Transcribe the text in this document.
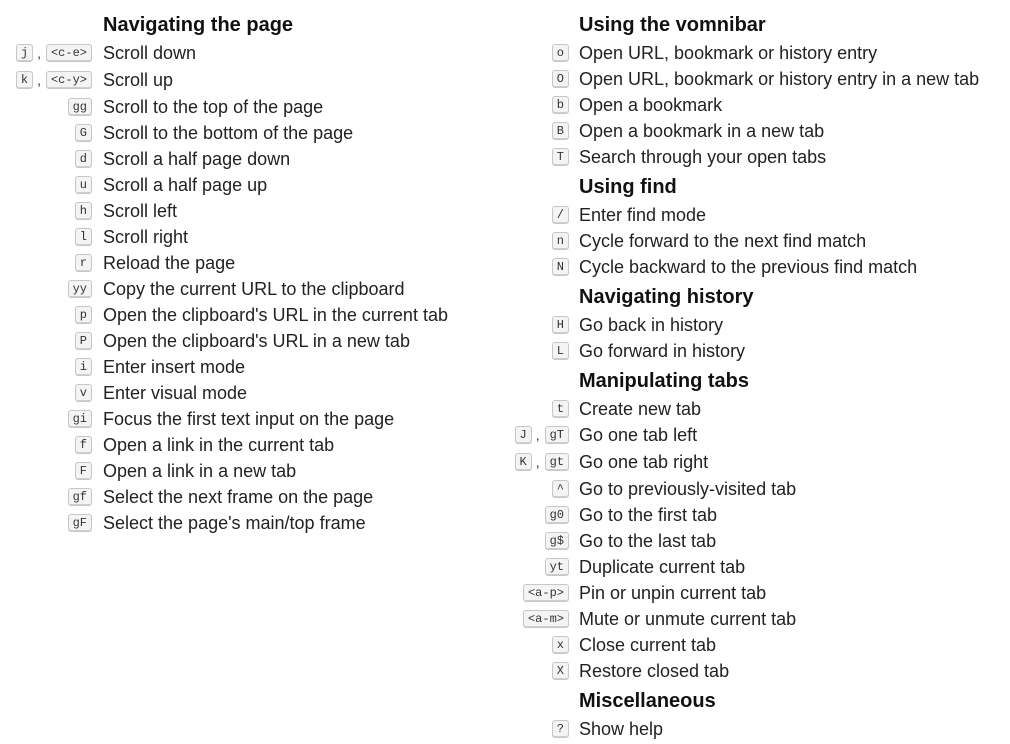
Navigating the page
j , <c-e> Scroll down
k , <c-y> Scroll up
gg Scroll to the top of the page
G Scroll to the bottom of the page
d Scroll a half page down
u Scroll a half page up
h Scroll left
l Scroll right
r Reload the page
yy Copy the current URL to the clipboard
p Open the clipboard's URL in the current tab
P Open the clipboard's URL in a new tab
i Enter insert mode
v Enter visual mode
gi Focus the first text input on the page
f Open a link in the current tab
F Open a link in a new tab
gf Select the next frame on the page
gF Select the page's main/top frame
Using the vomnibar
o Open URL, bookmark or history entry
O Open URL, bookmark or history entry in a new tab
b Open a bookmark
B Open a bookmark in a new tab
T Search through your open tabs
Using find
/ Enter find mode
n Cycle forward to the next find match
N Cycle backward to the previous find match
Navigating history
H Go back in history
L Go forward in history
Manipulating tabs
t Create new tab
J , gT Go one tab left
K , gt Go one tab right
^ Go to previously-visited tab
g0 Go to the first tab
g$ Go to the last tab
yt Duplicate current tab
<a-p> Pin or unpin current tab
<a-m> Mute or unmute current tab
x Close current tab
X Restore closed tab
Miscellaneous
? Show help
